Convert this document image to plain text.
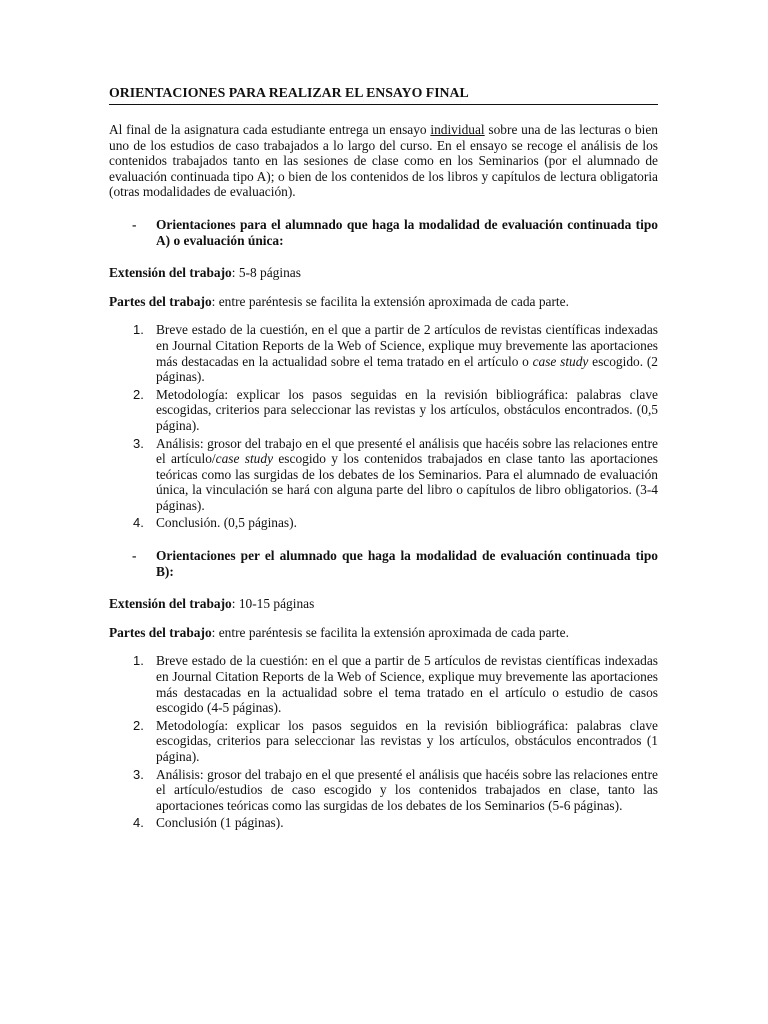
ORIENTACIONES PARA REALIZAR EL ENSAYO FINAL

Al final de la asignatura cada estudiante entrega un ensayo individual sobre una de las lecturas o bien uno de los estudios de caso trabajados a lo largo del curso. En el ensayo se recoge el análisis de los contenidos trabajados tanto en las sesiones de clase como en los Seminarios (por el alumnado de evaluación continuada tipo A); o bien de los contenidos de los libros y capítulos de lectura obligatoria (otras modalidades de evaluación).

-	Orientaciones para el alumnado que haga la modalidad de evaluación continuada tipo A) o evaluación única:

Extensión del trabajo: 5-8 páginas

Partes del trabajo: entre paréntesis se facilita la extensión aproximada de cada parte.

1. Breve estado de la cuestión, en el que a partir de 2 artículos de revistas científicas indexadas en Journal Citation Reports de la Web of Science, explique muy brevemente las aportaciones más destacadas en la actualidad sobre el tema tratado en el artículo o case study escogido. (2 páginas).
2. Metodología: explicar los pasos seguidas en la revisión bibliográfica: palabras clave escogidas, criterios para seleccionar las revistas y los artículos, obstáculos encontrados. (0,5 página).
3. Análisis: grosor del trabajo en el que presenté el análisis que hacéis sobre las relaciones entre el artículo/case study escogido y los contenidos trabajados en clase tanto las aportaciones teóricas como las surgidas de los debates de los Seminarios. Para el alumnado de evaluación única, la vinculación se hará con alguna parte del libro o capítulos de libro obligatorios. (3-4 páginas).
4. Conclusión. (0,5 páginas).
-	Orientaciones per el alumnado que haga la modalidad de evaluación continuada tipo B):

Extensión del trabajo: 10-15 páginas

Partes del trabajo: entre paréntesis se facilita la extensión aproximada de cada parte.

1. Breve estado de la cuestión: en el que a partir de 5 artículos de revistas científicas indexadas en Journal Citation Reports de la Web of Science, explique muy brevemente las aportaciones más destacadas en la actualidad sobre el tema tratado en el artículo o estudio de casos escogido (4-5 páginas).
2. Metodología: explicar los pasos seguidos en la revisión bibliográfica: palabras clave escogidas, criterios para seleccionar las revistas y los artículos, obstáculos encontrados (1 página).
3. Análisis: grosor del trabajo en el que presenté el análisis que hacéis sobre las relaciones entre el artículo/estudios de caso escogido y los contenidos trabajados en clase, tanto las aportaciones teóricas como las surgidas de los debates de los Seminarios (5-6 páginas).
4. Conclusión (1 páginas).
